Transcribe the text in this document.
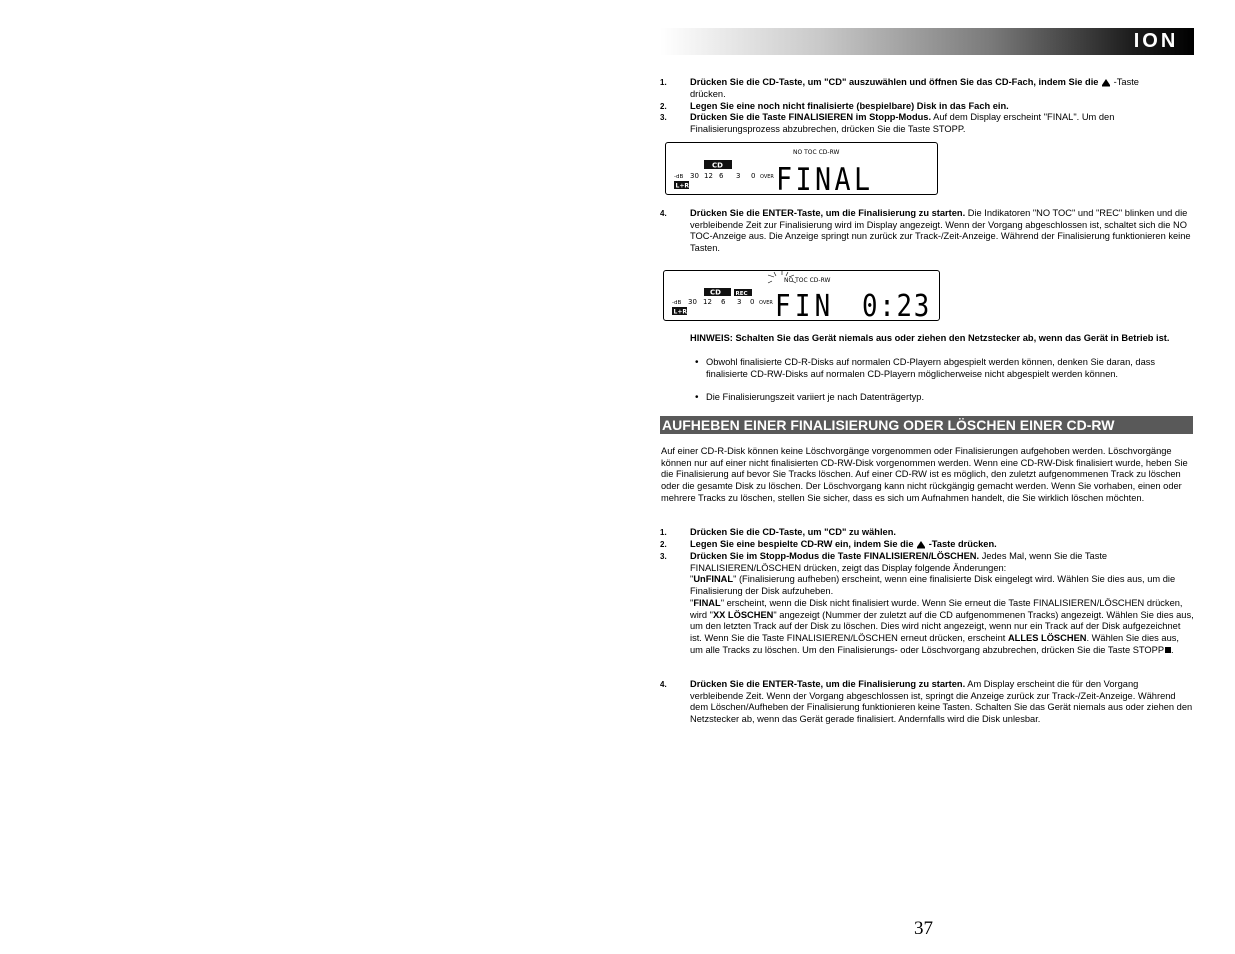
ION
1.	Drücken Sie die CD-Taste, um "CD" auszuwählen und öffnen Sie das CD-Fach, indem Sie die  -Taste
drücken.
2.	Legen Sie eine noch nicht finalisierte (bespielbare) Disk in das Fach ein.
3.	Drücken Sie die Taste FINALISIEREN im Stopp-Modus. Auf dem Display erscheint "FINAL". Um den Finalisierungsprozess abzubrechen, drücken Sie die Taste STOPP.
NO TOC CD-RW
CD
-dB 30 12 6 3 0 OVER
L+R	FINAL
4.	Drücken Sie die ENTER-Taste, um die Finalisierung zu starten. Die Indikatoren "NO TOC" und "REC" blinken und die verbleibende Zeit zur Finalisierung wird im Display angezeigt. Wenn der Vorgang abgeschlossen ist, schaltet sich die NO TOC-Anzeige aus. Die Anzeige springt nun zurück zur Track-/Zeit-Anzeige. Während der Finalisierung funktionieren keine Tasten.
NO TOC CD-RW
CD	REC
-dB 30 12 6 3 0 OVER
L+R	FIN 0:23
HINWEIS: Schalten Sie das Gerät niemals aus oder ziehen den Netzstecker ab, wenn das Gerät in Betrieb ist.
• Obwohl finalisierte CD-R-Disks auf normalen CD-Playern abgespielt werden können, denken Sie daran, dass finalisierte CD-RW-Disks auf normalen CD-Playern möglicherweise nicht abgespielt werden können.
• Die Finalisierungszeit variiert je nach Datenträgertyp.
AUFHEBEN EINER FINALISIERUNG ODER LÖSCHEN EINER CD-RW
Auf einer CD-R-Disk können keine Löschvorgänge vorgenommen oder Finalisierungen aufgehoben werden. Löschvorgänge können nur auf einer nicht finalisierten CD-RW-Disk vorgenommen werden. Wenn eine CD-RW-Disk finalisiert wurde, heben Sie die Finalisierung auf bevor Sie Tracks löschen. Auf einer CD-RW ist es möglich, den zuletzt aufgenommenen Track zu löschen oder die gesamte Disk zu löschen. Der Löschvorgang kann nicht rückgängig gemacht werden. Wenn Sie vorhaben, einen oder mehrere Tracks zu löschen, stellen Sie sicher, dass es sich um Aufnahmen handelt, die Sie wirklich löschen möchten.
1.	Drücken Sie die CD-Taste, um "CD" zu wählen.
2.	Legen Sie eine bespielte CD-RW ein, indem Sie die  -Taste drücken.
3.	Drücken Sie im Stopp-Modus die Taste FINALISIEREN/LÖSCHEN. Jedes Mal, wenn Sie die Taste FINALISIEREN/LÖSCHEN drücken, zeigt das Display folgende Änderungen:
"UnFINAL" (Finalisierung aufheben) erscheint, wenn eine finalisierte Disk eingelegt wird. Wählen Sie dies aus, um die Finalisierung der Disk aufzuheben.
"FINAL" erscheint, wenn die Disk nicht finalisiert wurde. Wenn Sie erneut die Taste FINALISIEREN/LÖSCHEN drücken,
wird "XX LÖSCHEN" angezeigt (Nummer der zuletzt auf die CD aufgenommenen Tracks) angezeigt. Wählen Sie dies aus, um den letzten Track auf der Disk zu löschen. Dies wird nicht angezeigt, wenn nur ein Track auf der Disk aufgezeichnet ist. Wenn Sie die Taste FINALISIEREN/LÖSCHEN erneut drücken, erscheint ALLES LÖSCHEN. Wählen Sie dies aus, um alle Tracks zu löschen. Um den Finalisierungs- oder Löschvorgang abzubrechen, drücken Sie die Taste STOPP .
4.	Drücken Sie die ENTER-Taste, um die Finalisierung zu starten. Am Display erscheint die für den Vorgang verbleibende Zeit. Wenn der Vorgang abgeschlossen ist, springt die Anzeige zurück zur Track-/Zeit-Anzeige. Während dem Löschen/Aufheben der Finalisierung funktionieren keine Tasten. Schalten Sie das Gerät niemals aus oder ziehen den Netzstecker ab, wenn das Gerät gerade finalisiert. Andernfalls wird die Disk unlesbar.
37
